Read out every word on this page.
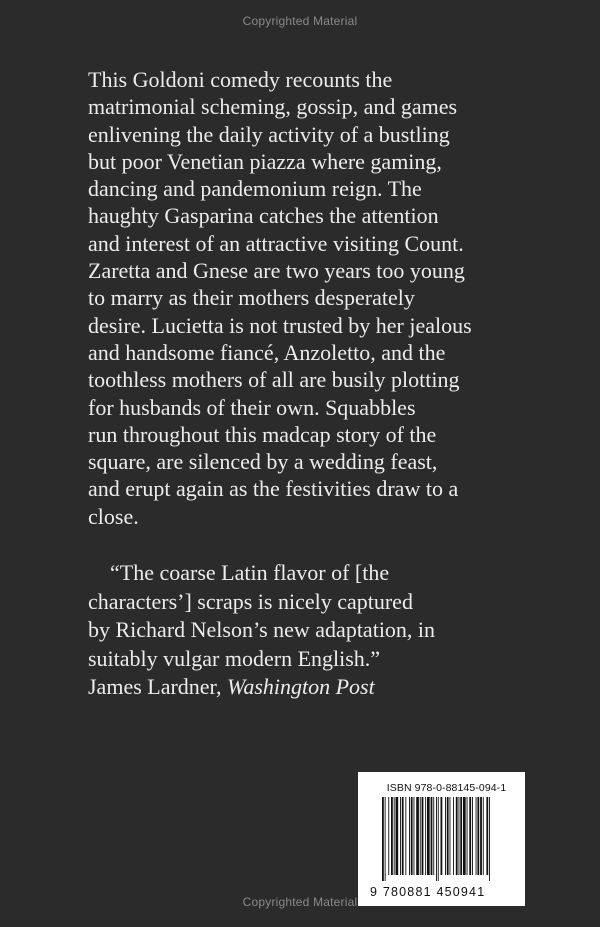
Copyrighted Material
This Goldoni comedy recounts the
matrimonial scheming, gossip, and games
enlivening the daily activity of a bustling
but poor Venetian piazza where gaming,
dancing and pandemonium reign. The
haughty Gasparina catches the attention
and interest of an attractive visiting Count.
Zaretta and Gnese are two years too young
to marry as their mothers desperately
desire. Lucietta is not trusted by her jealous
and handsome fiancé, Anzoletto, and the
toothless mothers of all are busily plotting
for husbands of their own. Squabbles
run throughout this madcap story of the
square, are silenced by a wedding feast,
and erupt again as the festivities draw to a
close.
“The coarse Latin flavor of [the
characters’] scraps is nicely captured
by Richard Nelson’s new adaptation, in
suitably vulgar modern English.”
James Lardner, Washington Post
ISBN 978-0-88145-094-1
9 780881 450941
Copyrighted Material
